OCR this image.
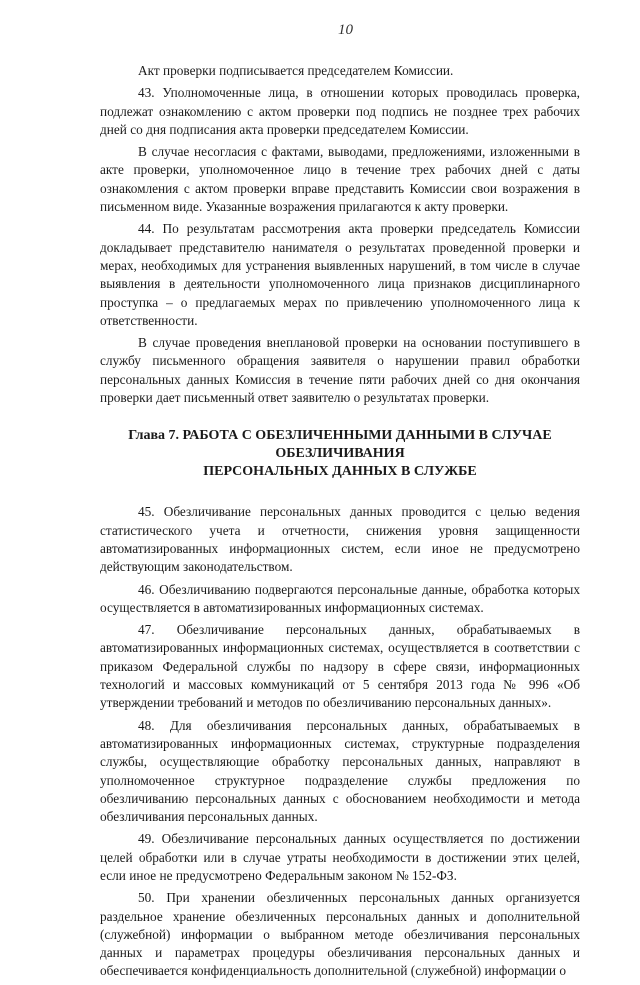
10

Акт проверки подписывается председателем Комиссии.

43. Уполномоченные лица, в отношении которых проводилась проверка, подлежат ознакомлению с актом проверки под подпись не позднее трех рабочих дней со дня подписания акта проверки председателем Комиссии.

В случае несогласия с фактами, выводами, предложениями, изложенными в акте проверки, уполномоченное лицо в течение трех рабочих дней с даты ознакомления с актом проверки вправе представить Комиссии свои возражения в письменном виде. Указанные возражения прилагаются к акту проверки.

44. По результатам рассмотрения акта проверки председатель Комиссии докладывает представителю нанимателя о результатах проведенной проверки и мерах, необходимых для устранения выявленных нарушений, в том числе в случае выявления в деятельности уполномоченного лица признаков дисциплинарного проступка – о предлагаемых мерах по привлечению уполномоченного лица к ответственности.

В случае проведения внеплановой проверки на основании поступившего в службу письменного обращения заявителя о нарушении правил обработки персональных данных Комиссия в течение пяти рабочих дней со дня окончания проверки дает письменный ответ заявителю о результатах проверки.

Глава 7. РАБОТА С ОБЕЗЛИЧЕННЫМИ ДАННЫМИ В СЛУЧАЕ
ОБЕЗЛИЧИВАНИЯ
ПЕРСОНАЛЬНЫХ ДАННЫХ В СЛУЖБЕ

45. Обезличивание персональных данных проводится с целью ведения статистического учета и отчетности, снижения уровня защищенности автоматизированных информационных систем, если иное не предусмотрено действующим законодательством.

46. Обезличиванию подвергаются персональные данные, обработка которых осуществляется в автоматизированных информационных системах.

47. Обезличивание персональных данных, обрабатываемых в автоматизированных информационных системах, осуществляется в соответствии с приказом Федеральной службы по надзору в сфере связи, информационных технологий и массовых коммуникаций от 5 сентября 2013 года № 996 «Об утверждении требований и методов по обезличиванию персональных данных».

48. Для обезличивания персональных данных, обрабатываемых в автоматизированных информационных системах, структурные подразделения службы, осуществляющие обработку персональных данных, направляют в уполномоченное структурное подразделение службы предложения по обезличиванию персональных данных с обоснованием необходимости и метода обезличивания персональных данных.

49. Обезличивание персональных данных осуществляется по достижении целей обработки или в случае утраты необходимости в достижении этих целей, если иное не предусмотрено Федеральным законом № 152-ФЗ.

50. При хранении обезличенных персональных данных организуется раздельное хранение обезличенных персональных данных и дополнительной (служебной) информации о выбранном методе обезличивания персональных данных и параметрах процедуры обезличивания персональных данных и обеспечивается конфиденциальность дополнительной (служебной) информации о
